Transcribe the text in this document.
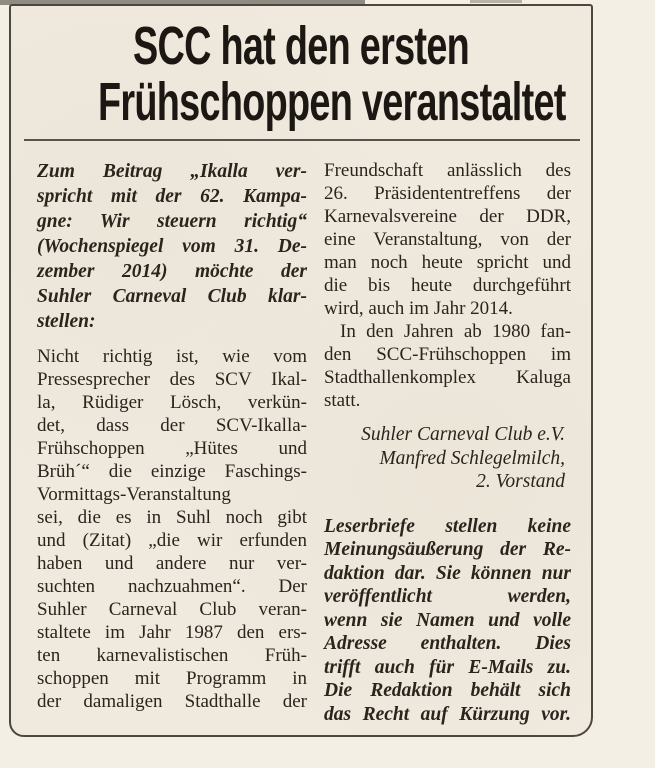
SCC hat den ersten
Frühschoppen veranstaltet
Zum Beitrag „Ikalla ver-
spricht mit der 62. Kampa-
gne: Wir steuern richtig“
(Wochenspiegel vom 31. De-
zember 2014) möchte der
Suhler Carneval Club klar-
stellen:
Nicht richtig ist, wie vom
Pressesprecher des SCV Ikal-
la, Rüdiger Lösch, verkün-
det, dass der SCV-Ikalla-
Frühschoppen „Hütes und
Brüh´“ die einzige Faschings-
Vormittags-Veranstaltung
sei, die es in Suhl noch gibt
und (Zitat) „die wir erfunden
haben und andere nur ver-
suchten nachzuahmen“. Der
Suhler Carneval Club veran-
staltete im Jahr 1987 den ers-
ten karnevalistischen Früh-
schoppen mit Programm in
der damaligen Stadthalle der
Freundschaft anlässlich des
26. Präsidententreffens der
Karnevalsvereine der DDR,
eine Veranstaltung, von der
man noch heute spricht und
die bis heute durchgeführt
wird, auch im Jahr 2014.
In den Jahren ab 1980 fan-
den SCC-Frühschoppen im
Stadthallenkomplex Kaluga
statt.
Suhler Carneval Club e.V.
Manfred Schlegelmilch,
2. Vorstand
Leserbriefe stellen keine
Meinungsäußerung der Re-
daktion dar. Sie können nur
veröffentlicht werden,
wenn sie Namen und volle
Adresse enthalten. Dies
trifft auch für E-Mails zu.
Die Redaktion behält sich
das Recht auf Kürzung vor.
